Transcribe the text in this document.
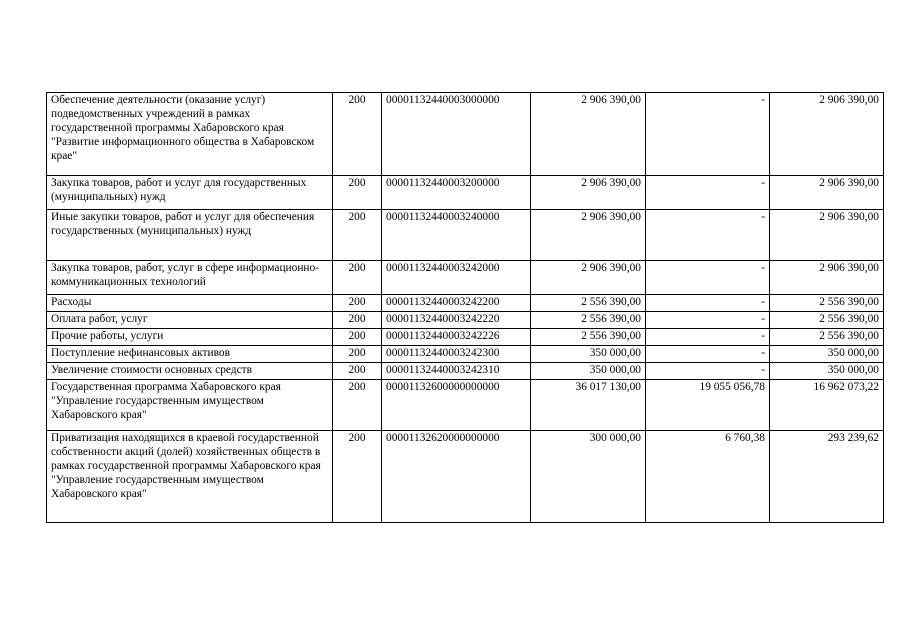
Обеспечение деятельности (оказание услуг) подведомственных учреждений в рамках государственной программы Хабаровского края "Развитие информационного общества в Хабаровском крае"	200	00001132440003000000	2 906 390,00	-	2 906 390,00
Закупка товаров, работ и услуг для государственных (муниципальных) нужд	200	00001132440003200000	2 906 390,00	-	2 906 390,00
Иные закупки товаров, работ и услуг для обеспечения государственных (муниципальных) нужд	200	00001132440003240000	2 906 390,00	-	2 906 390,00
Закупка товаров, работ, услуг в сфере информационно-коммуникационных технологий	200	00001132440003242000	2 906 390,00	-	2 906 390,00
Расходы	200	00001132440003242200	2 556 390,00	-	2 556 390,00
Оплата работ, услуг	200	00001132440003242220	2 556 390,00	-	2 556 390,00
Прочие работы, услуги	200	00001132440003242226	2 556 390,00	-	2 556 390,00
Поступление нефинансовых активов	200	00001132440003242300	350 000,00	-	350 000,00
Увеличение стоимости основных средств	200	00001132440003242310	350 000,00	-	350 000,00
Государственная программа Хабаровского края "Управление государственным имуществом Хабаровского края"	200	00001132600000000000	36 017 130,00	19 055 056,78	16 962 073,22
Приватизация находящихся в краевой государственной собственности акций (долей) хозяйственных обществ в рамках государственной программы Хабаровского края "Управление государственным имуществом Хабаровского края"	200	00001132620000000000	300 000,00	6 760,38	293 239,62
